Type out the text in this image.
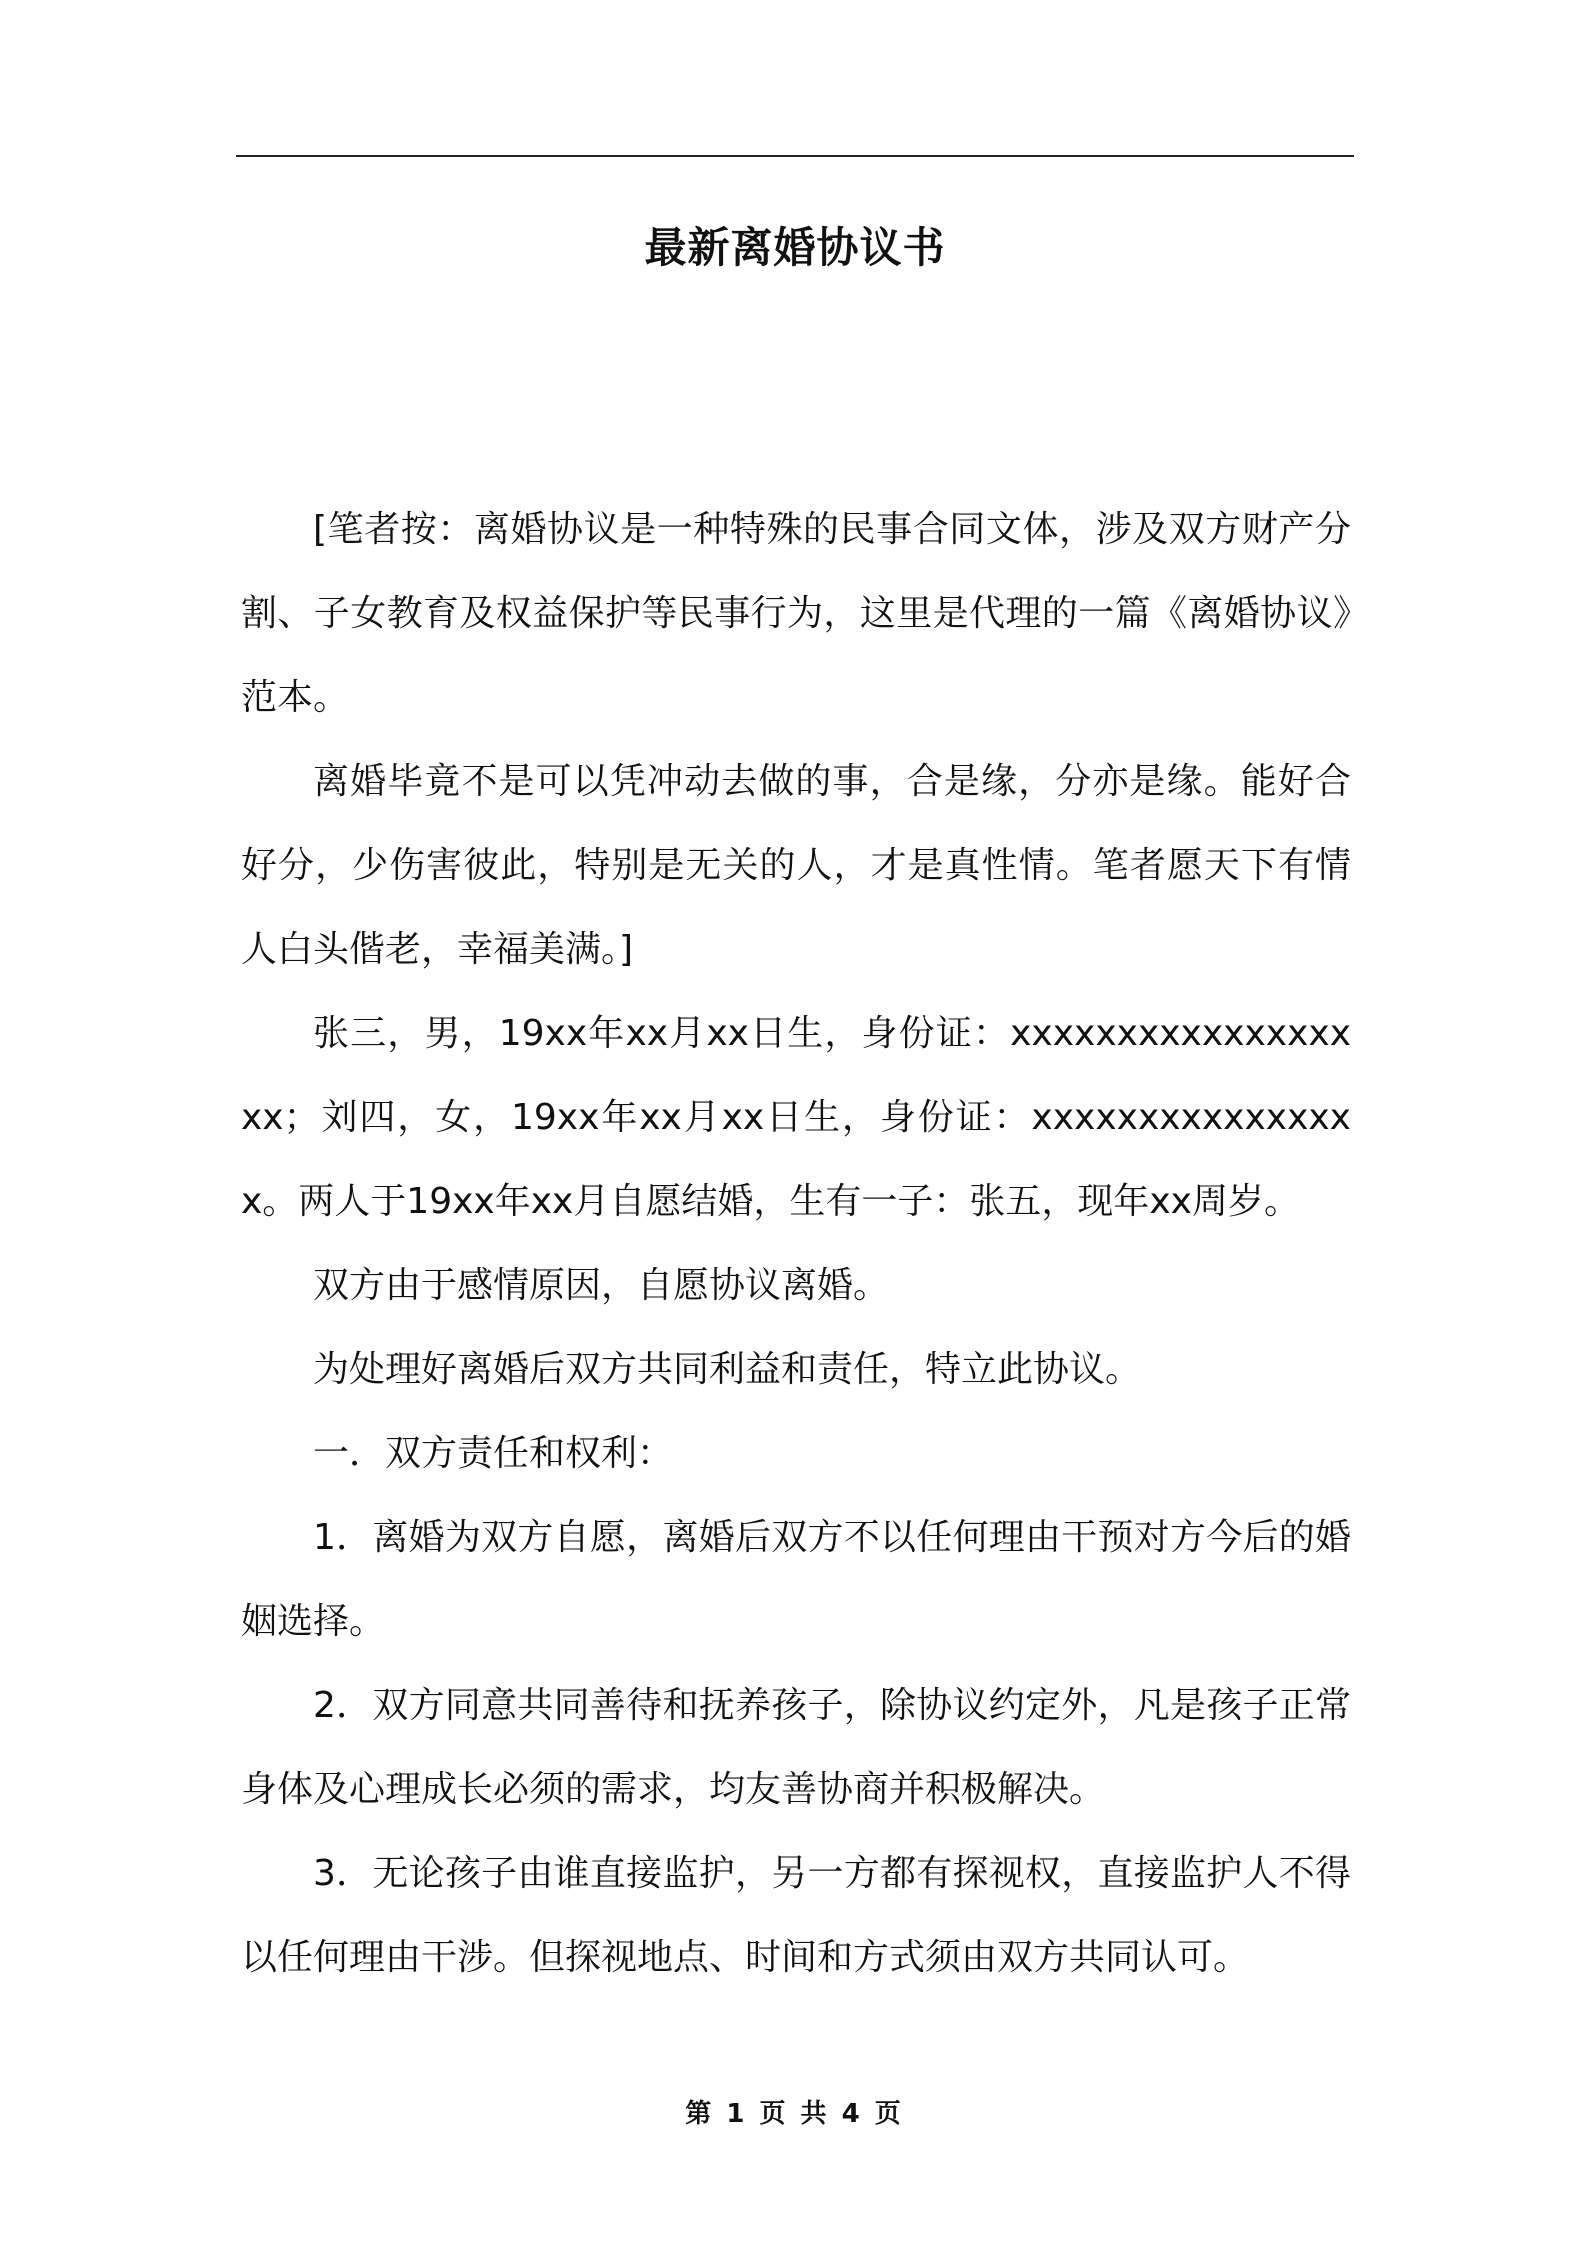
最新离婚协议书

[笔者按：离婚协议是一种特殊的民事合同文体，涉及双方财产分割、子女教育及权益保护等民事行为，这里是代理的一篇《离婚协议》范本。

离婚毕竟不是可以凭冲动去做的事，合是缘，分亦是缘。能好合好分，少伤害彼此，特别是无关的人，才是真性情。笔者愿天下有情人白头偕老，幸福美满。]

张三，男，19xx年xx月xx日生，身份证：xxxxxxxxxxxxxxxxxx；刘四，女，19xx年xx月xx日生，身份证：xxxxxxxxxxxxxxxx。两人于19xx年xx月自愿结婚，生有一子：张五，现年xx周岁。

双方由于感情原因，自愿协议离婚。

为处理好离婚后双方共同利益和责任，特立此协议。

一．双方责任和权利：

1．离婚为双方自愿，离婚后双方不以任何理由干预对方今后的婚姻选择。

2．双方同意共同善待和抚养孩子，除协议约定外，凡是孩子正常身体及心理成长必须的需求，均友善协商并积极解决。

3．无论孩子由谁直接监护，另一方都有探视权，直接监护人不得以任何理由干涉。但探视地点、时间和方式须由双方共同认可。

第 1 页 共 4 页
